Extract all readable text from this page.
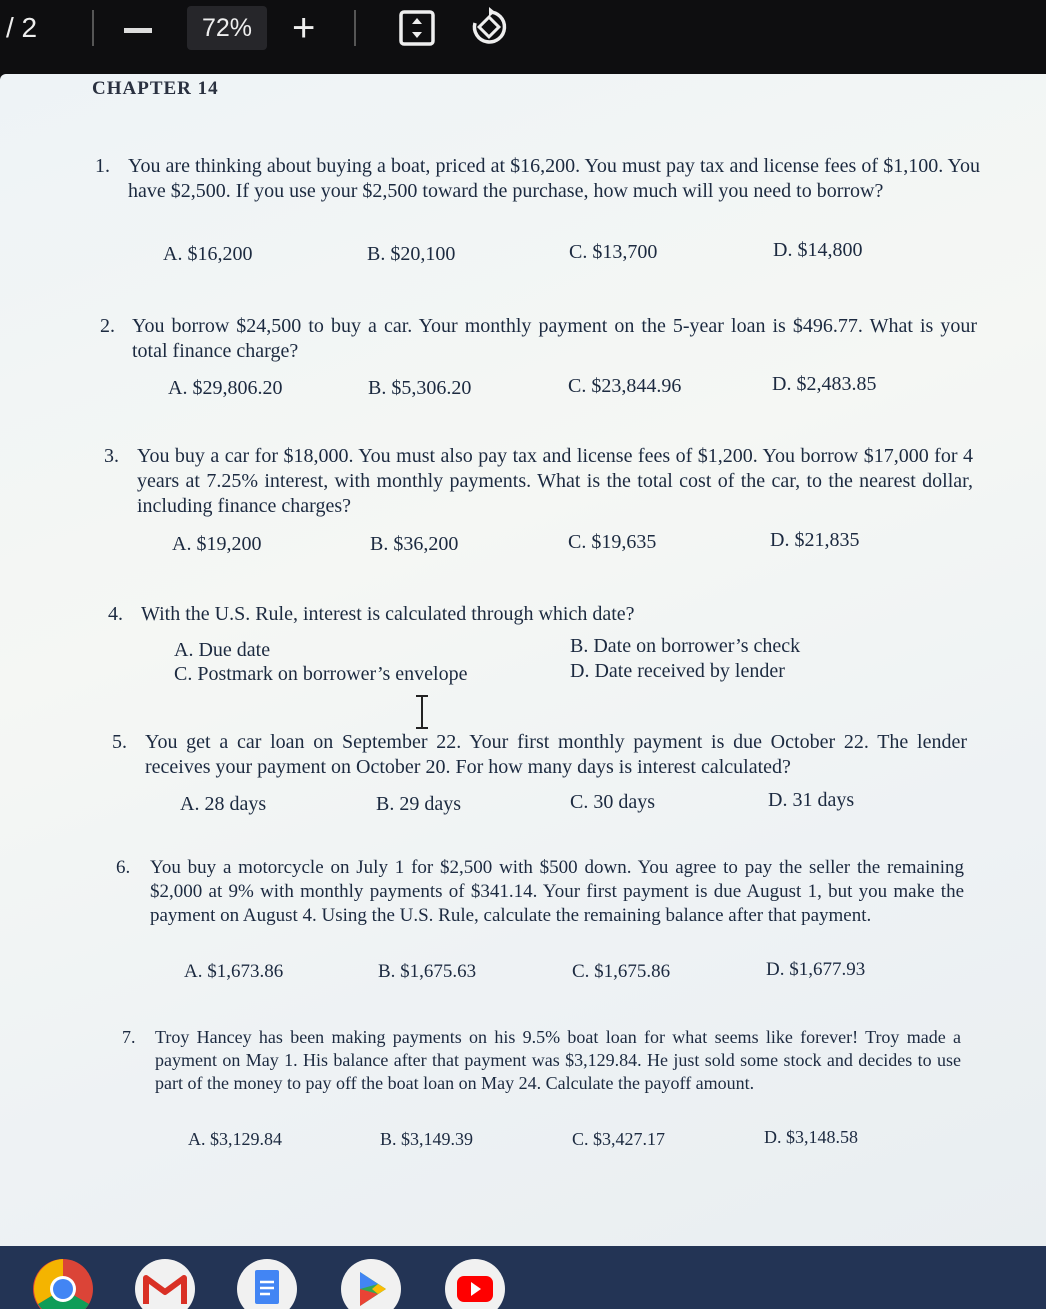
/ 2	72% +
CHAPTER 14
1. You are thinking about buying a boat, priced at $16,200. You must pay tax and license fees of $1,100. You have $2,500. If you use your $2,500 toward the purchase, how much will you need to borrow?
A. $16,200	B. $20,100	C. $13,700	D. $14,800
2. You borrow $24,500 to buy a car. Your monthly payment on the 5-year loan is $496.77. What is your total finance charge?
A. $29,806.20	B. $5,306.20	C. $23,844.96	D. $2,483.85
3. You buy a car for $18,000. You must also pay tax and license fees of $1,200. You borrow $17,000 for 4 years at 7.25% interest, with monthly payments. What is the total cost of the car, to the nearest dollar, including finance charges?
A. $19,200	B. $36,200	C. $19,635	D. $21,835
4. With the U.S. Rule, interest is calculated through which date?
A. Due date	B. Date on borrower’s check
C. Postmark on borrower’s envelope	D. Date received by lender
5. You get a car loan on September 22. Your first monthly payment is due October 22. The lender receives your payment on October 20. For how many days is interest calculated?
A. 28 days	B. 29 days	C. 30 days	D. 31 days
6. You buy a motorcycle on July 1 for $2,500 with $500 down. You agree to pay the seller the remaining $2,000 at 9% with monthly payments of $341.14. Your first payment is due August 1, but you make the payment on August 4. Using the U.S. Rule, calculate the remaining balance after that payment.
A. $1,673.86	B. $1,675.63	C. $1,675.86	D. $1,677.93
7. Troy Hancey has been making payments on his 9.5% boat loan for what seems like forever! Troy made a payment on May 1. His balance after that payment was $3,129.84. He just sold some stock and decides to use part of the money to pay off the boat loan on May 24. Calculate the payoff amount.
A. $3,129.84	B. $3,149.39	C. $3,427.17	D. $3,148.58
